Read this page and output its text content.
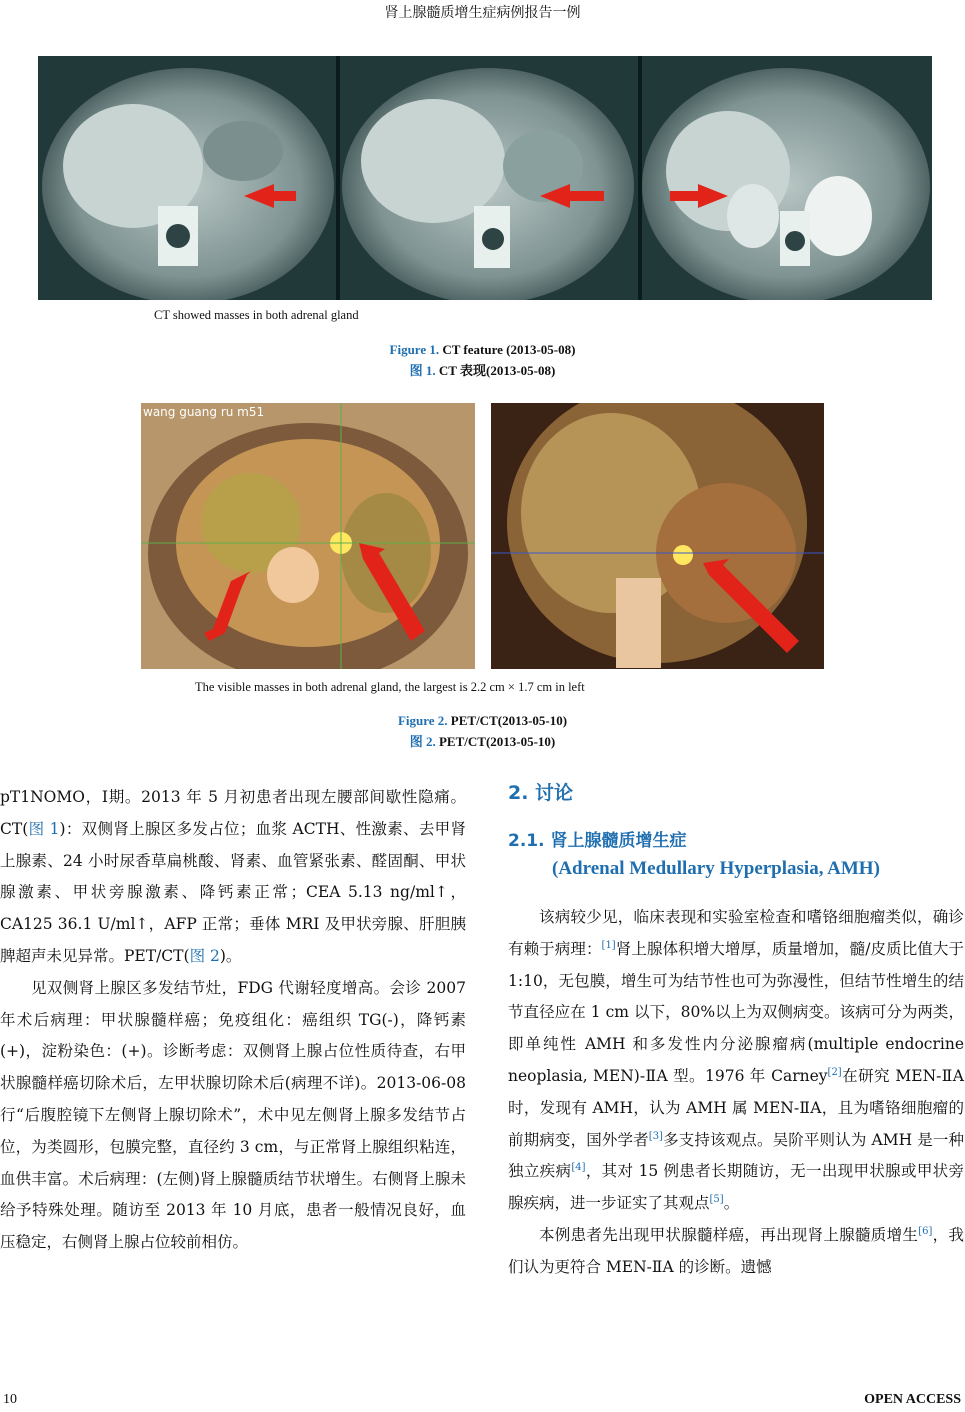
肾上腺髓质增生症病例报告一例
CT showed masses in both adrenal gland
Figure 1. CT feature (2013-05-08)
图 1. CT 表现(2013-05-08)
wang guang ru m51
The visible masses in both adrenal gland, the largest is 2.2 cm × 1.7 cm in left
Figure 2. PET/CT(2013-05-10)
图 2. PET/CT(2013-05-10)

pT1NOMO，Ⅰ期。2013 年 5 月初患者出现左腰部间歇性隐痛。CT(图 1)：双侧肾上腺区多发占位；血浆 ACTH、性激素、去甲肾上腺素、24 小时尿香草扁桃酸、肾素、血管紧张素、醛固酮、甲状腺激素、甲状旁腺激素、降钙素正常；CEA 5.13 ng/ml↑，CA125 36.1 U/ml↑，AFP 正常；垂体 MRI 及甲状旁腺、肝胆胰脾超声未见异常。PET/CT(图 2)。

见双侧肾上腺区多发结节灶，FDG 代谢轻度增高。会诊 2007 年术后病理：甲状腺髓样癌；免疫组化：癌组织 TG(-)，降钙素(+)，淀粉染色：(+)。诊断考虑：双侧肾上腺占位性质待查，右甲状腺髓样癌切除术后，左甲状腺切除术后(病理不详)。2013-06-08 行“后腹腔镜下左侧肾上腺切除术”，术中见左侧肾上腺多发结节占位，为类圆形，包膜完整，直径约 3 cm，与正常肾上腺组织粘连，血供丰富。术后病理：(左侧)肾上腺髓质结节状增生。右侧肾上腺未给予特殊处理。随访至 2013 年 10 月底，患者一般情况良好，血压稳定，右侧肾上腺占位较前相仿。

2. 讨论
2.1. 肾上腺髓质增生症
(Adrenal Medullary Hyperplasia, AMH)

该病较少见，临床表现和实验室检查和嗜铬细胞瘤类似，确诊有赖于病理：[1]肾上腺体积增大增厚，质量增加，髓/皮质比值大于 1:10，无包膜，增生可为结节性也可为弥漫性，但结节性增生的结节直径应在 1 cm 以下，80%以上为双侧病变。该病可分为两类，即单纯性 AMH 和多发性内分泌腺瘤病(multiple endocrine neoplasia, MEN)-ⅡA 型。1976 年 Carney[2]在研究 MEN-ⅡA 时，发现有 AMH，认为 AMH 属 MEN-ⅡA，且为嗜铬细胞瘤的前期病变，国外学者[3]多支持该观点。吴阶平则认为 AMH 是一种独立疾病[4]，其对 15 例患者长期随访，无一出现甲状腺或甲状旁腺疾病，进一步证实了其观点[5]。

本例患者先出现甲状腺髓样癌，再出现肾上腺髓质增生[6]，我们认为更符合 MEN-ⅡA 的诊断。遗憾

10	OPEN ACCESS
